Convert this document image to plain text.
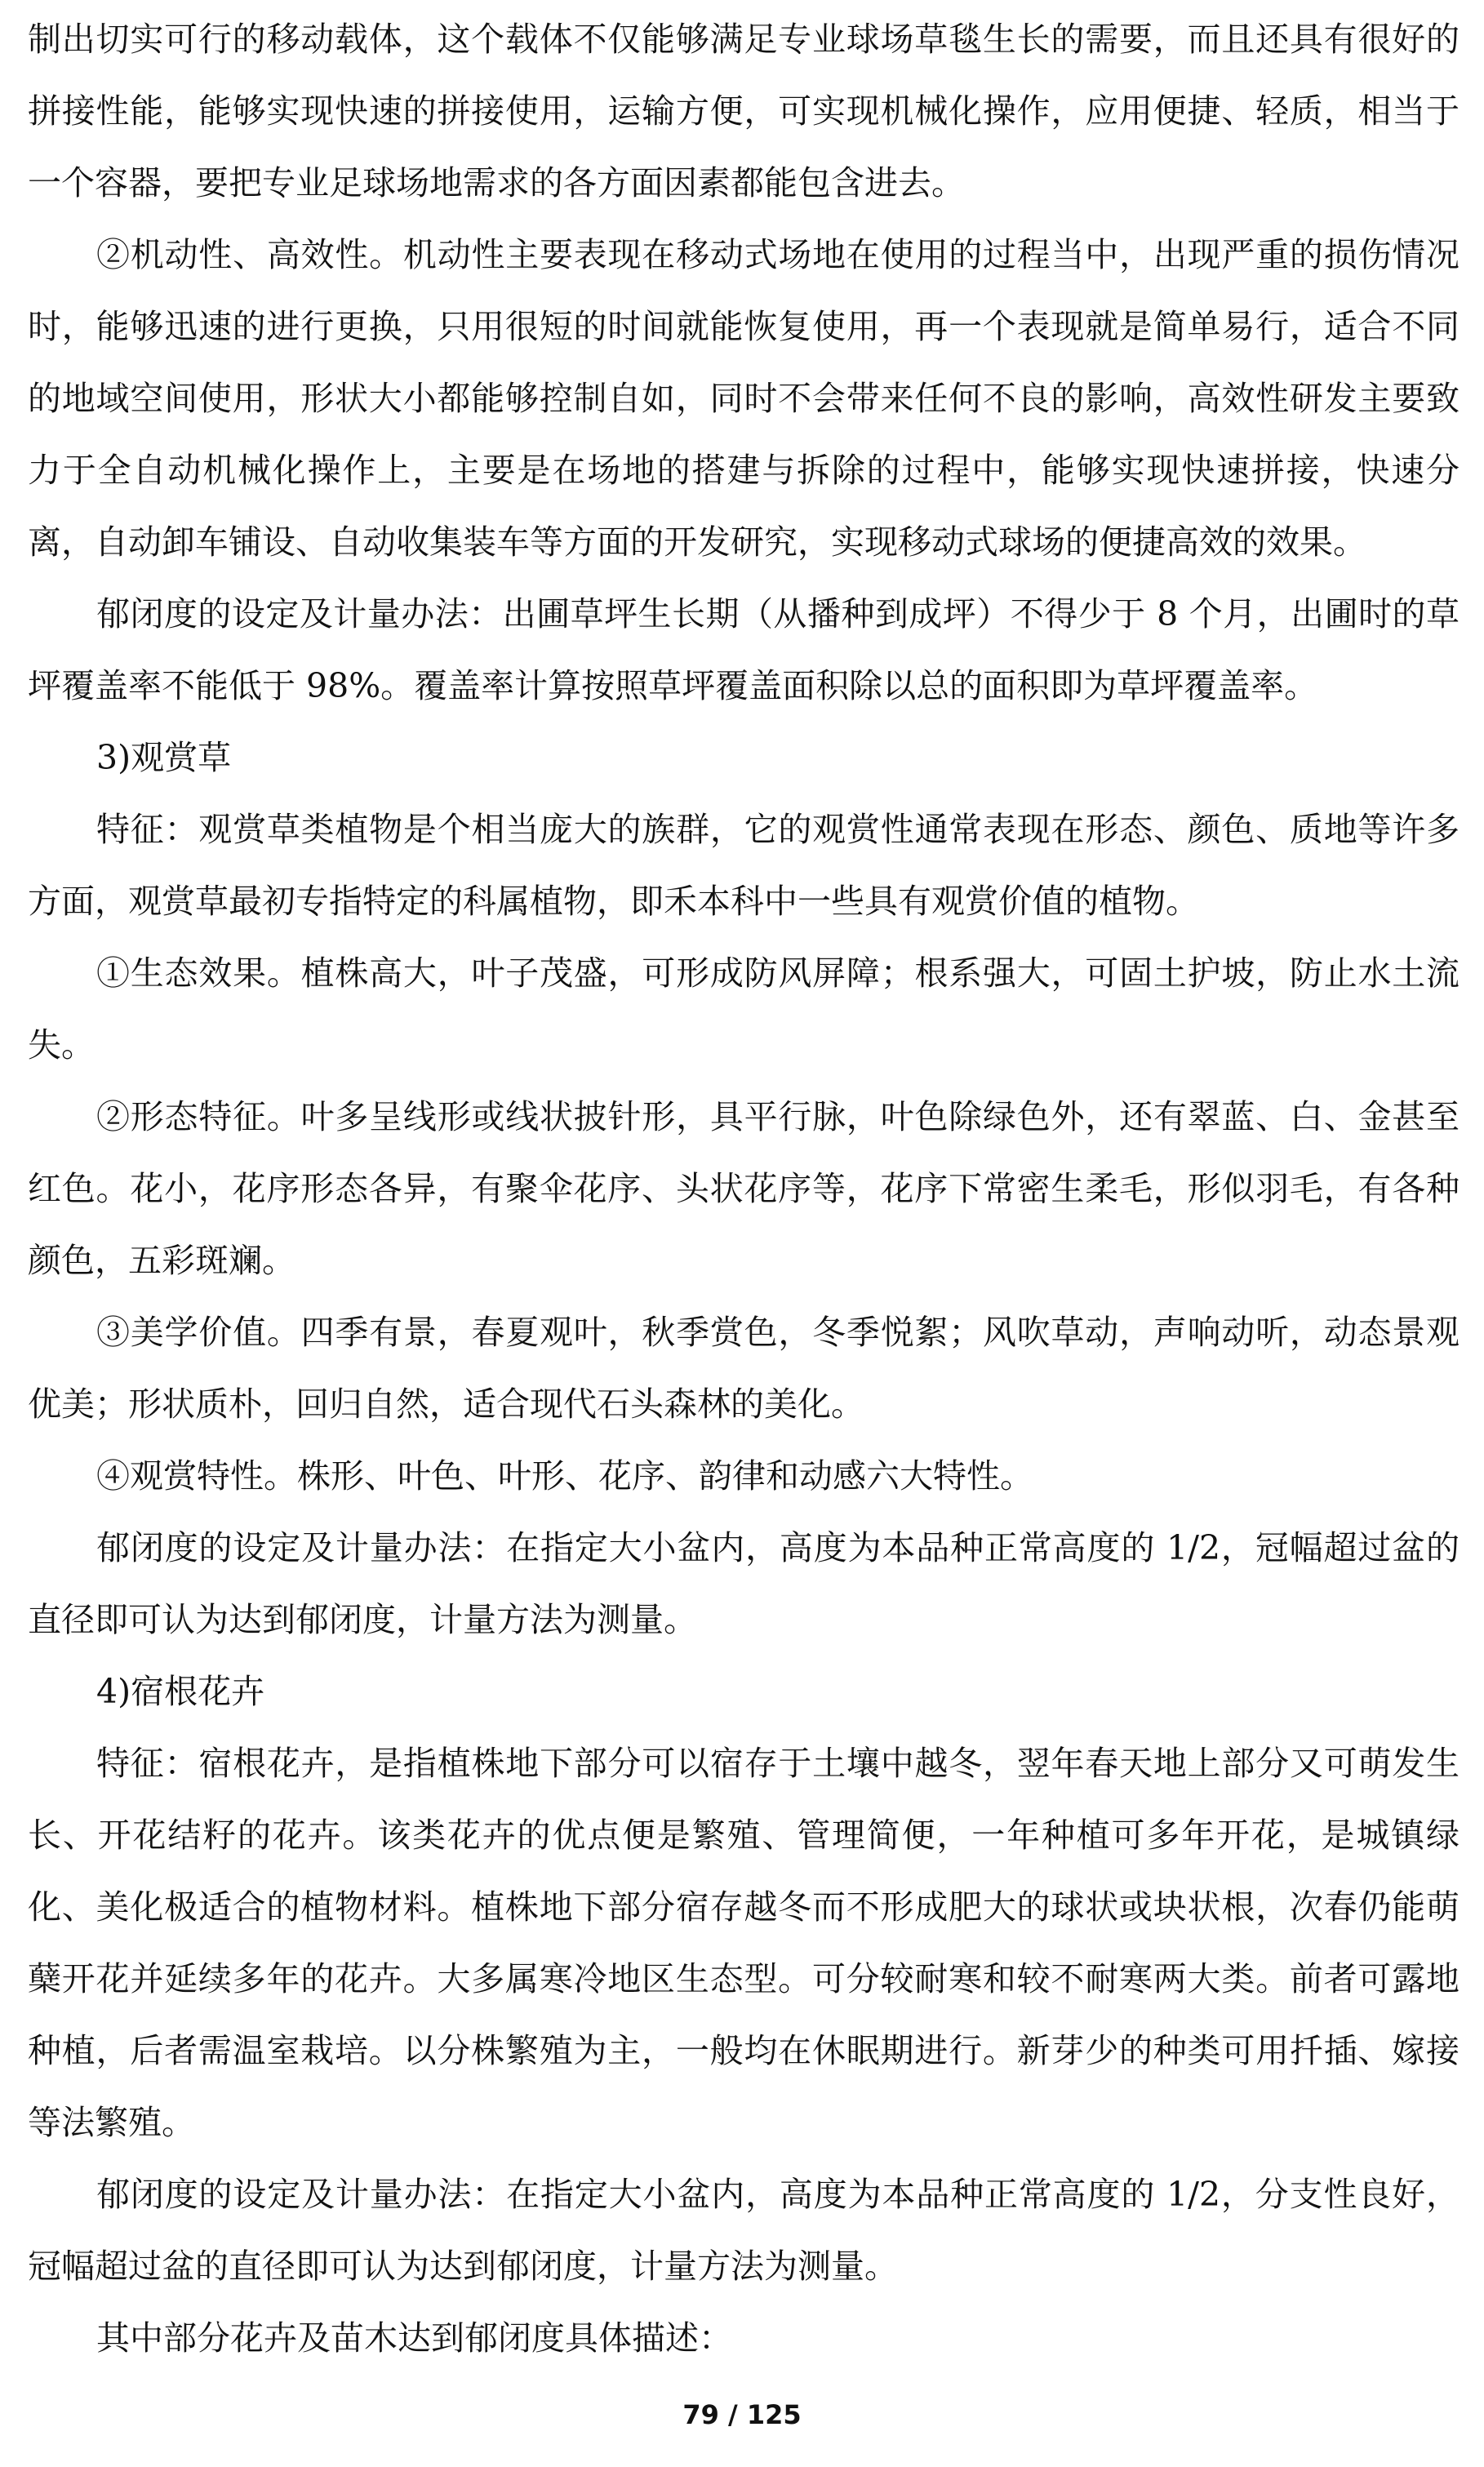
制出切实可行的移动载体，这个载体不仅能够满足专业球场草毯生长的需要，而且还具有很好的拼接性能，能够实现快速的拼接使用，运输方便，可实现机械化操作，应用便捷、轻质，相当于一个容器，要把专业足球场地需求的各方面因素都能包含进去。

②机动性、高效性。机动性主要表现在移动式场地在使用的过程当中，出现严重的损伤情况时，能够迅速的进行更换，只用很短的时间就能恢复使用，再一个表现就是简单易行，适合不同的地域空间使用，形状大小都能够控制自如，同时不会带来任何不良的影响，高效性研发主要致力于全自动机械化操作上，主要是在场地的搭建与拆除的过程中，能够实现快速拼接，快速分离，自动卸车铺设、自动收集装车等方面的开发研究，实现移动式球场的便捷高效的效果。

郁闭度的设定及计量办法：出圃草坪生长期（从播种到成坪）不得少于 8 个月，出圃时的草坪覆盖率不能低于 98%。覆盖率计算按照草坪覆盖面积除以总的面积即为草坪覆盖率。

3)观赏草

特征：观赏草类植物是个相当庞大的族群，它的观赏性通常表现在形态、颜色、质地等许多方面，观赏草最初专指特定的科属植物，即禾本科中一些具有观赏价值的植物。

①生态效果。植株高大，叶子茂盛，可形成防风屏障；根系强大，可固土护坡，防止水土流失。

②形态特征。叶多呈线形或线状披针形，具平行脉，叶色除绿色外，还有翠蓝、白、金甚至红色。花小，花序形态各异，有聚伞花序、头状花序等，花序下常密生柔毛，形似羽毛，有各种颜色，五彩斑斓。

③美学价值。四季有景，春夏观叶，秋季赏色，冬季悦絮；风吹草动，声响动听，动态景观优美；形状质朴，回归自然，适合现代石头森林的美化。

④观赏特性。株形、叶色、叶形、花序、韵律和动感六大特性。

郁闭度的设定及计量办法：在指定大小盆内，高度为本品种正常高度的 1/2，冠幅超过盆的直径即可认为达到郁闭度，计量方法为测量。

4)宿根花卉

特征：宿根花卉，是指植株地下部分可以宿存于土壤中越冬，翌年春天地上部分又可萌发生长、开花结籽的花卉。该类花卉的优点便是繁殖、管理简便，一年种植可多年开花，是城镇绿化、美化极适合的植物材料。植株地下部分宿存越冬而不形成肥大的球状或块状根，次春仍能萌蘖开花并延续多年的花卉。大多属寒冷地区生态型。可分较耐寒和较不耐寒两大类。前者可露地种植，后者需温室栽培。以分株繁殖为主，一般均在休眠期进行。新芽少的种类可用扦插、嫁接等法繁殖。

郁闭度的设定及计量办法：在指定大小盆内，高度为本品种正常高度的 1/2，分支性良好，冠幅超过盆的直径即可认为达到郁闭度，计量方法为测量。

其中部分花卉及苗木达到郁闭度具体描述：

79 / 125
